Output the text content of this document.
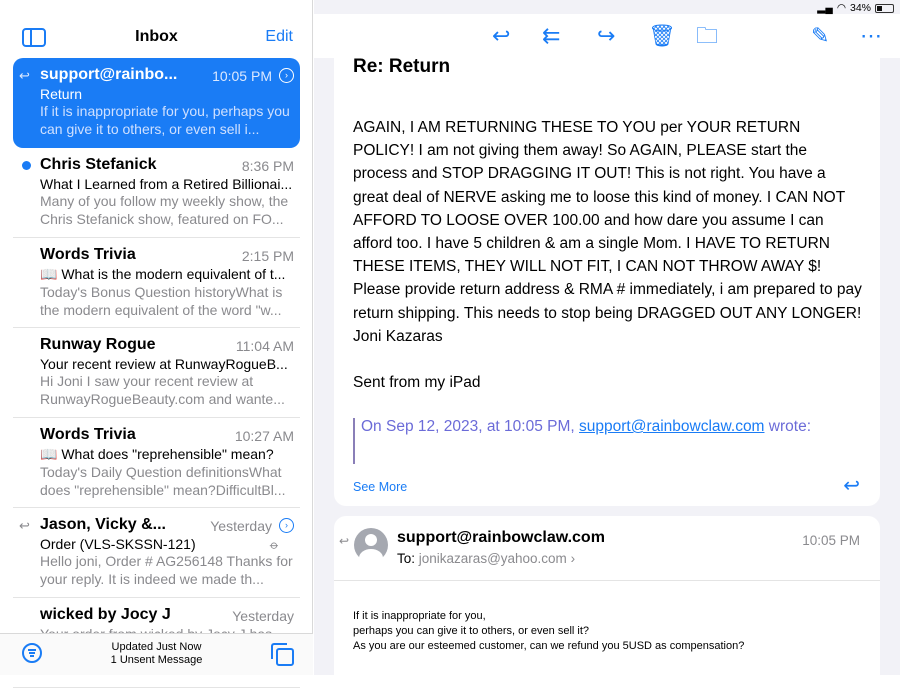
Inbox	Edit
↩ support@rainbo...	10:05 PM	›
Return
If it is inappropriate for you, perhaps you can give it to others, or even sell i...
Chris Stefanick	8:36 PM
What I Learned from a Retired Billionai...
Many of you follow my weekly show, the Chris Stefanick show, featured on FO...
Words Trivia	2:15 PM
📖 What is the modern equivalent of t...
Today's Bonus Question historyWhat is the modern equivalent of the word "w...
Runway Rogue	11:04 AM
Your recent review at RunwayRogueB...
Hi Joni I saw your recent review at RunwayRogueBeauty.com and wante...
Words Trivia	10:27 AM
📖 What does "reprehensible" mean?
Today's Daily Question definitionsWhat does "reprehensible" mean?DifficultBl...
↩ Jason, Vicky &...	Yesterday	›
⌀
Order (VLS-SKSSN-121)
Hello joni, Order # AG256148 Thanks for your reply. It is indeed we made th...
wicked by Jocy J	Yesterday
Updated Just Now
1 Unsent Message
↩︎ ⇇ ↪︎ 🗑︎ 🗀	✎ ⋯
Re: Return

AGAIN, I AM RETURNING THESE TO YOU per YOUR RETURN POLICY! I am not giving them away! So AGAIN, PLEASE start the process and STOP DRAGGING IT OUT! This is not right. You have a great deal of NERVE asking me to loose this kind of money. I CAN NOT AFFORD TO LOOSE OVER 100.00 and how dare you assume I can afford too. I have 5 children & am a single Mom. I HAVE TO RETURN THESE ITEMS, THEY WILL NOT FIT, I CAN NOT THROW AWAY $! Please provide return address & RMA # immediately, i am prepared to pay return shipping. This needs to stop being DRAGGED OUT ANY LONGER!

Joni Kazaras

Sent from my iPad

On Sep 12, 2023, at 10:05 PM, support@rainbowclaw.com wrote:
See More	↩
↩	support@rainbowclaw.com
To: jonikazaras@yahoo.com ›
10:05 PM
If it is inappropriate for you,
perhaps you can give it to others, or even sell it?
As you are our esteemed customer, can we refund you 5USD as compensation?
▂▄ ◠ 34%
